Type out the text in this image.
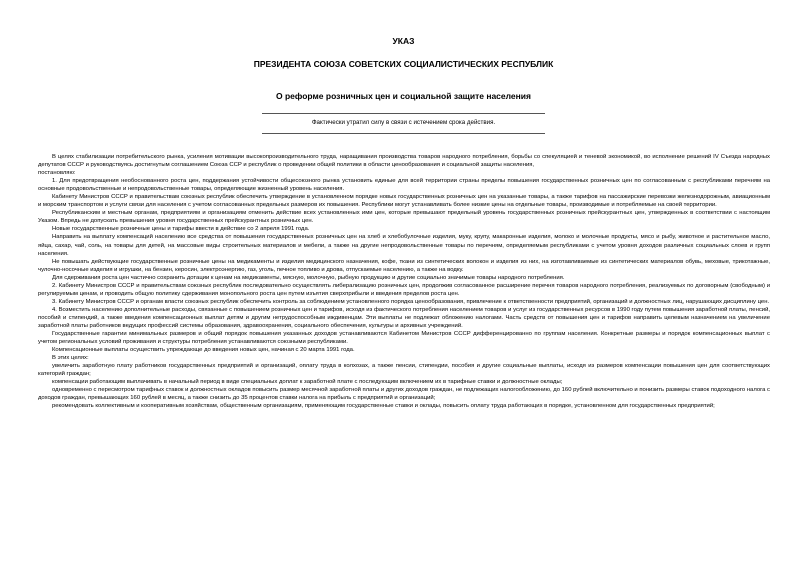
УКАЗ
ПРЕЗИДЕНТА СОЮЗА СОВЕТСКИХ СОЦИАЛИСТИЧЕСКИХ РЕСПУБЛИК
О реформе розничных цен и социальной защите населения
Фактически утратил силу в связи с истечением срока действия.

В целях стабилизации потребительского рынка, усиления мотивации высокопроизводительного труда, наращивания производства товаров народного потребления, борьбы со спекуляцией и теневой экономикой, во исполнение решений IV Съезда народных депутатов СССР и руководствуясь достигнутым соглашением Союза ССР и республик о проведении общей политики в области ценообразования и социальной защиты населения,

постановляю:

1. Для предотвращения необоснованного роста цен, поддержания устойчивости общесоюзного рынка установить единые для всей территории страны пределы повышения государственных розничных цен по согласованным с республиками перечням на основные продовольственные и непродовольственные товары, определяющие жизненный уровень населения.

Кабинету Министров СССР и правительствам союзных республик обеспечить утверждение в установленном порядке новых государственных розничных цен на указанные товары, а также тарифов на пассажирские перевозки железнодорожным, авиационным и морским транспортом и услуги связи для населения с учетом согласованных предельных размеров их повышения. Республики могут устанавливать более низкие цены на отдельные товары, производимые и потребляемые на своей территории.

Республиканским и местным органам, предприятиям и организациям отменить действие всех установленных ими цен, которые превышают предельный уровень государственных розничных прейскурантных цен, утвержденных в соответствии с настоящим Указом. Впредь не допускать превышения уровня государственных прейскурантных розничных цен.

Новые государственные розничные цены и тарифы ввести в действие со 2 апреля 1991 года.

Направить на выплату компенсаций населению все средства от повышения государственных розничных цен на хлеб и хлебобулочные изделия, муку, крупу, макаронные изделия, молоко и молочные продукты, мясо и рыбу, животное и растительное масло, яйца, сахар, чай, соль, на товары для детей, на массовые виды строительных материалов и мебели, а также на другие непродовольственные товары по перечням, определяемым республиками с учетом уровня доходов различных социальных слоев и групп населения.

Не повышать действующие государственные розничные цены на медикаменты и изделия медицинского назначения, кофе, ткани из синтетических волокон и изделия из них, на изготавливаемые из синтетических материалов обувь, меховые, трикотажные, чулочно-носочные изделия и игрушки, на бензин, керосин, электроэнергию, газ, уголь, печное топливо и дрова, отпускаемые населению, а также на водку.

Для сдерживания роста цен частично сохранить дотации к ценам на медикаменты, мясную, молочную, рыбную продукцию и другие социально значимые товары народного потребления.

2. Кабинету Министров СССР и правительствам союзных республик последовательно осуществлять либерализацию розничных цен, продолжив согласованное расширение перечня товаров народного потребления, реализуемых по договорным (свободным) и регулируемым ценам, и проводить общую политику сдерживания монопольного роста цен путем изъятия сверхприбыли и введения пределов роста цен.

3. Кабинету Министров СССР и органам власти союзных республик обеспечить контроль за соблюдением установленного порядка ценообразования, привлечение к ответственности предприятий, организаций и должностных лиц, нарушающих дисциплину цен.

4. Возместить населению дополнительные расходы, связанные с повышением розничных цен и тарифов, исходя из фактического потребления населением товаров и услуг из государственных ресурсов в 1990 году путем повышения заработной платы, пенсий, пособий и стипендий, а также введения компенсационных выплат детям и другим нетрудоспособным иждивенцам. Эти выплаты не подлежат обложению налогами. Часть средств от повышения цен и тарифов направить целевым назначением на увеличение заработной платы работников ведущих профессий системы образования, здравоохранения, социального обеспечения, культуры и архивных учреждений.

Государственные гарантии минимальных размеров и общий порядок повышения указанных доходов устанавливаются Кабинетом Министров СССР дифференцированно по группам населения. Конкретные размеры и порядок компенсационных выплат с учетом региональных условий проживания и структуры потребления устанавливаются союзными республиками.

Компенсационные выплаты осуществить упреждающе до введения новых цен, начиная с 20 марта 1991 года.

В этих целях:

увеличить заработную плату работников государственных предприятий и организаций, оплату труда в колхозах, а также пенсии, стипендии, пособия и другие социальные выплаты, исходя из размеров компенсации повышения цен для соответствующих категорий граждан;

компенсации работающим выплачивать в начальный период в виде специальных доплат к заработной плате с последующим включением их в тарифные ставки и должностные оклады;

одновременно с пересмотром тарифных ставок и должностных окладов повысить размер месячной заработной платы и других доходов граждан, не подлежащих налогообложению, до 160 рублей включительно и понизить размеры ставок подоходного налога с доходов граждан, превышающих 160 рублей в месяц, а также снизить до 35 процентов ставки налога на прибыль с предприятий и организаций;

рекомендовать коллективным и кооперативным хозяйствам, общественным организациям, применяющим государственные ставки и оклады, повысить оплату труда работающих в порядке, установленном для государственных предприятий;
